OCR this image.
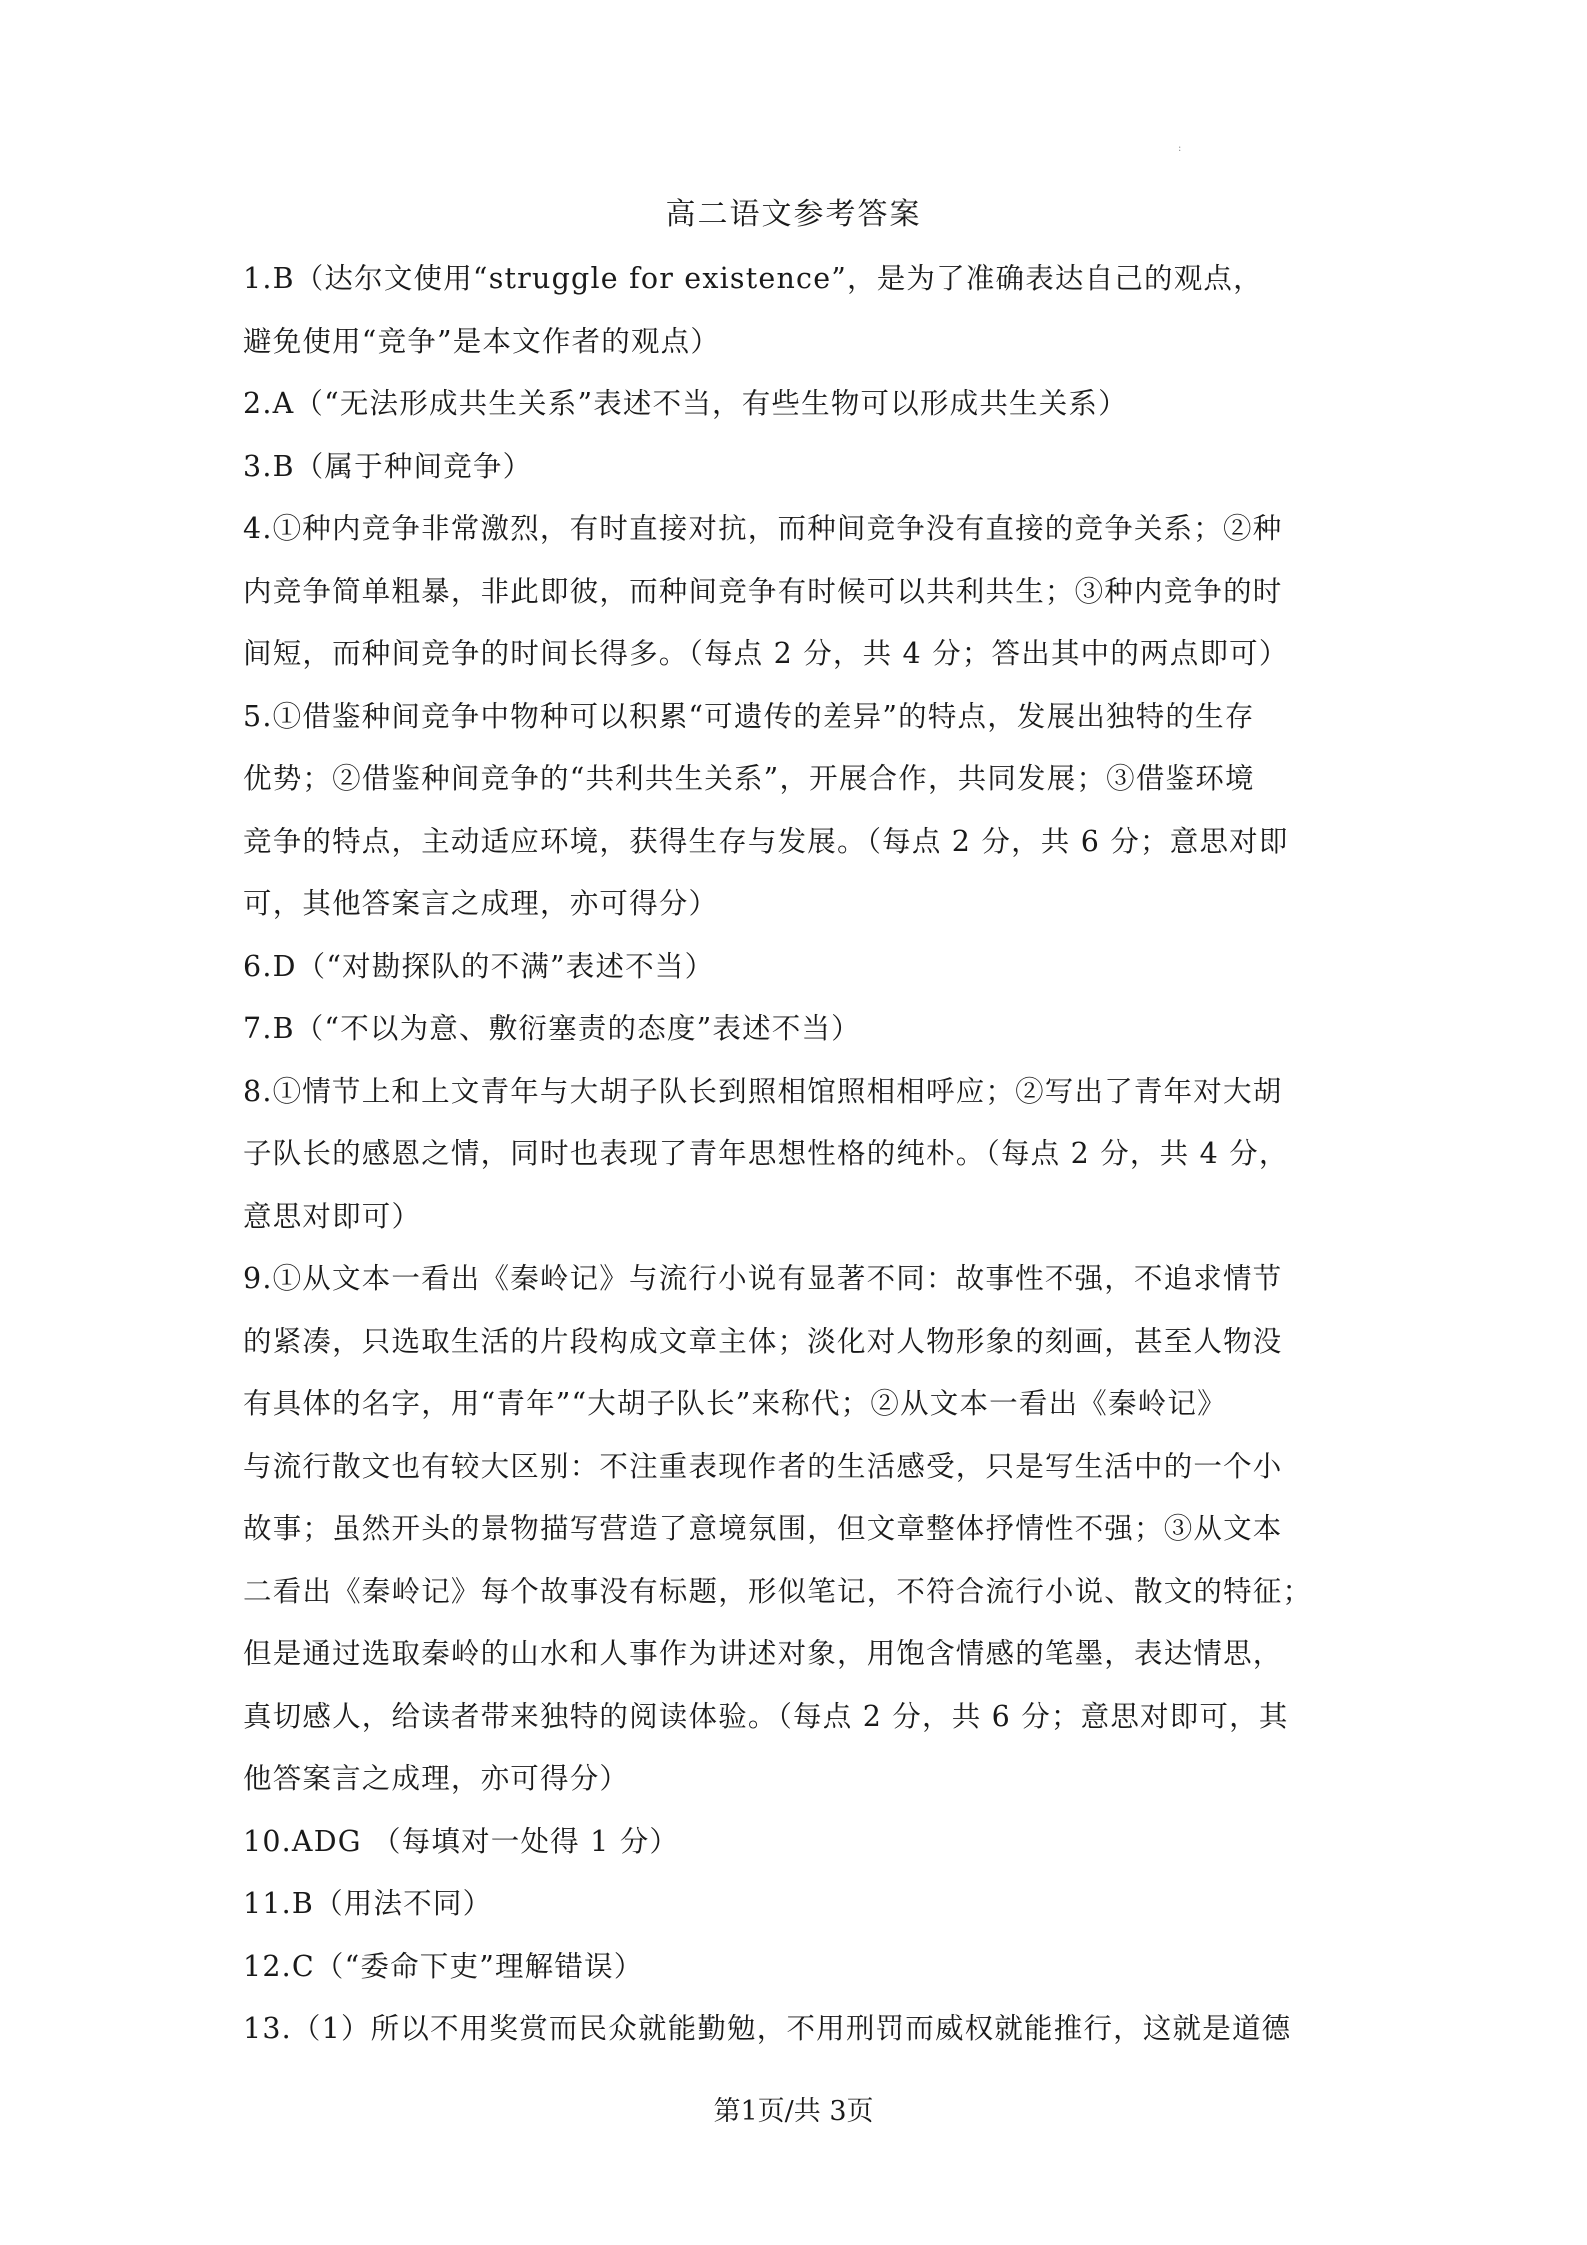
:
高二语文参考答案
1.B（达尔文使用“struggle for existence”，是为了准确表达自己的观点，
避免使用“竞争”是本文作者的观点）
2.A（“无法形成共生关系”表述不当，有些生物可以形成共生关系）
3.B（属于种间竞争）
4.①种内竞争非常激烈，有时直接对抗，而种间竞争没有直接的竞争关系；②种
内竞争简单粗暴，非此即彼，而种间竞争有时候可以共利共生；③种内竞争的时
间短，而种间竞争的时间长得多。（每点 2 分，共 4 分；答出其中的两点即可）
5.①借鉴种间竞争中物种可以积累“可遗传的差异”的特点，发展出独特的生存
优势；②借鉴种间竞争的“共利共生关系”，开展合作，共同发展；③借鉴环境
竞争的特点，主动适应环境，获得生存与发展。（每点 2 分，共 6 分；意思对即
可，其他答案言之成理，亦可得分）
6.D（“对勘探队的不满”表述不当）
7.B（“不以为意、敷衍塞责的态度”表述不当）
8.①情节上和上文青年与大胡子队长到照相馆照相相呼应；②写出了青年对大胡
子队长的感恩之情，同时也表现了青年思想性格的纯朴。（每点 2 分，共 4 分，
意思对即可）
9.①从文本一看出《秦岭记》与流行小说有显著不同：故事性不强，不追求情节
的紧凑，只选取生活的片段构成文章主体；淡化对人物形象的刻画，甚至人物没
有具体的名字，用“青年”“大胡子队长”来称代；②从文本一看出《秦岭记》
与流行散文也有较大区别：不注重表现作者的生活感受，只是写生活中的一个小
故事；虽然开头的景物描写营造了意境氛围，但文章整体抒情性不强；③从文本
二看出《秦岭记》每个故事没有标题，形似笔记，不符合流行小说、散文的特征；
但是通过选取秦岭的山水和人事作为讲述对象，用饱含情感的笔墨，表达情思，
真切感人，给读者带来独特的阅读体验。（每点 2 分，共 6 分；意思对即可，其
他答案言之成理，亦可得分）
10.ADG （每填对一处得 1 分）
11.B（用法不同）
12.C（“委命下吏”理解错误）
13.（1）所以不用奖赏而民众就能勤勉，不用刑罚而威权就能推行，这就是道德
第1页/共 3页
